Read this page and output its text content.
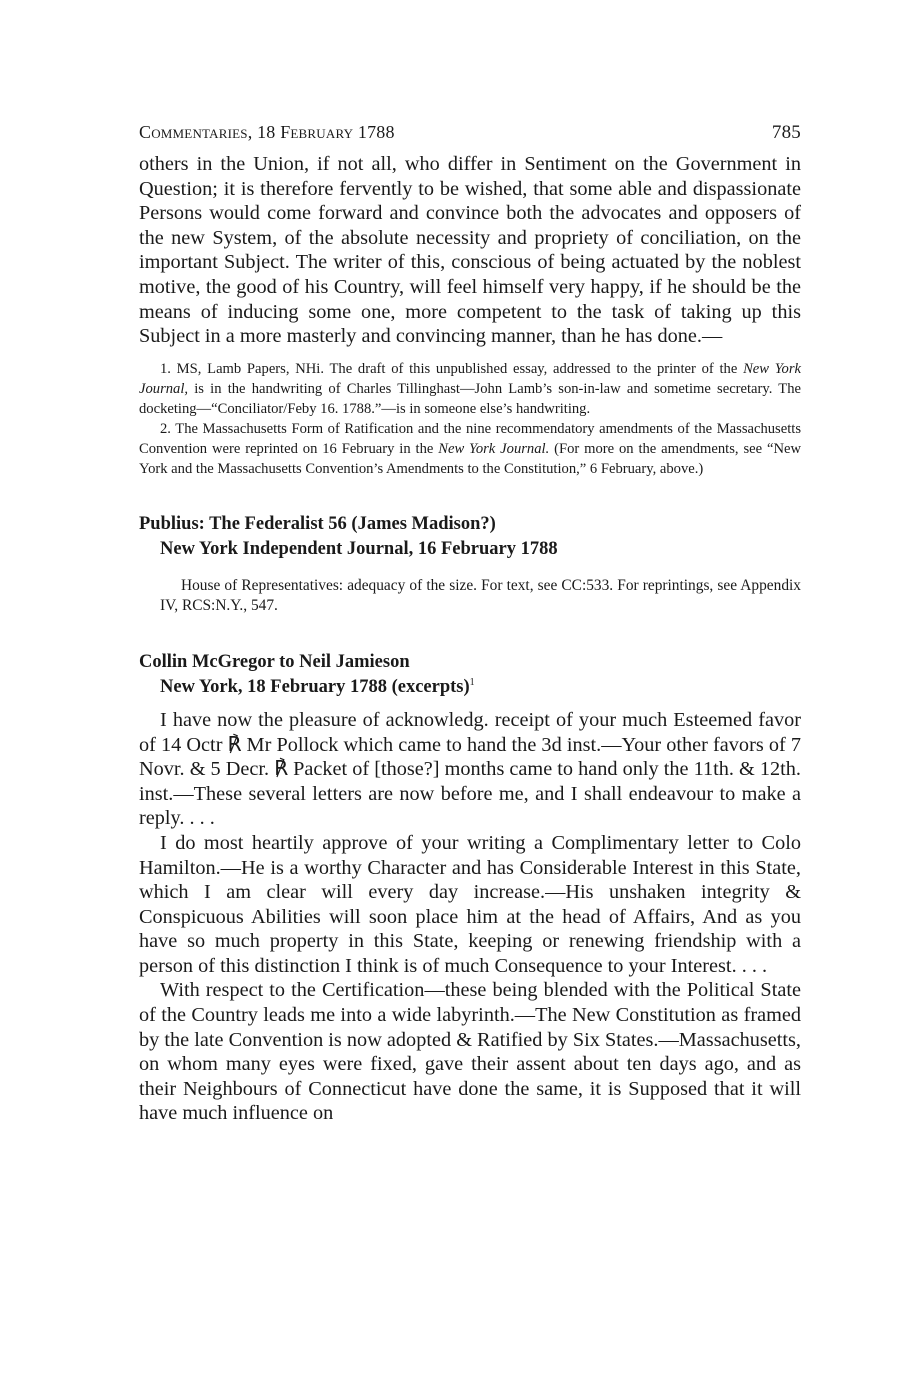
Commentaries, 18 February 1788	785

others in the Union, if not all, who differ in Sentiment on the Government in Question; it is therefore fervently to be wished, that some able and dispassionate Persons would come forward and convince both the advocates and opposers of the new System, of the absolute necessity and propriety of conciliation, on the important Subject. The writer of this, conscious of being actuated by the noblest motive, the good of his Country, will feel himself very happy, if he should be the means of inducing some one, more competent to the task of taking up this Subject in a more masterly and convincing manner, than he has done.—

1. MS, Lamb Papers, NHi. The draft of this unpublished essay, addressed to the printer of the New York Journal, is in the handwriting of Charles Tillinghast—John Lamb’s son-in-law and sometime secretary. The docketing—“Conciliator/Feby 16. 1788.”—is in someone else’s handwriting.

2. The Massachusetts Form of Ratification and the nine recommendatory amendments of the Massachusetts Convention were reprinted on 16 February in the New York Journal. (For more on the amendments, see “New York and the Massachusetts Convention’s Amendments to the Constitution,” 6 February, above.)

Publius: The Federalist 56 (James Madison?)
New York Independent Journal, 16 February 1788

House of Representatives: adequacy of the size. For text, see CC:533. For reprintings, see Appendix IV, RCS:N.Y., 547.

Collin McGregor to Neil Jamieson
New York, 18 February 1788 (excerpts)$^1$

I have now the pleasure of acknowledg. receipt of your much Esteemed favor of 14 Octr ℟ Mr Pollock which came to hand the 3d inst.—Your other favors of 7 Novr. & 5 Decr. ℟ Packet of [those?] months came to hand only the 11th. & 12th. inst.—These several letters are now before me, and I shall endeavour to make a reply. . . .

I do most heartily approve of your writing a Complimentary letter to Colo Hamilton.—He is a worthy Character and has Considerable Interest in this State, which I am clear will every day increase.—His unshaken integrity & Conspicuous Abilities will soon place him at the head of Affairs, And as you have so much property in this State, keeping or renewing friendship with a person of this distinction I think is of much Consequence to your Interest. . . .

With respect to the Certification—these being blended with the Political State of the Country leads me into a wide labyrinth.—The New Constitution as framed by the late Convention is now adopted & Ratified by Six States.—Massachusetts, on whom many eyes were fixed, gave their assent about ten days ago, and as their Neighbours of Connecticut have done the same, it is Supposed that it will have much influence on
